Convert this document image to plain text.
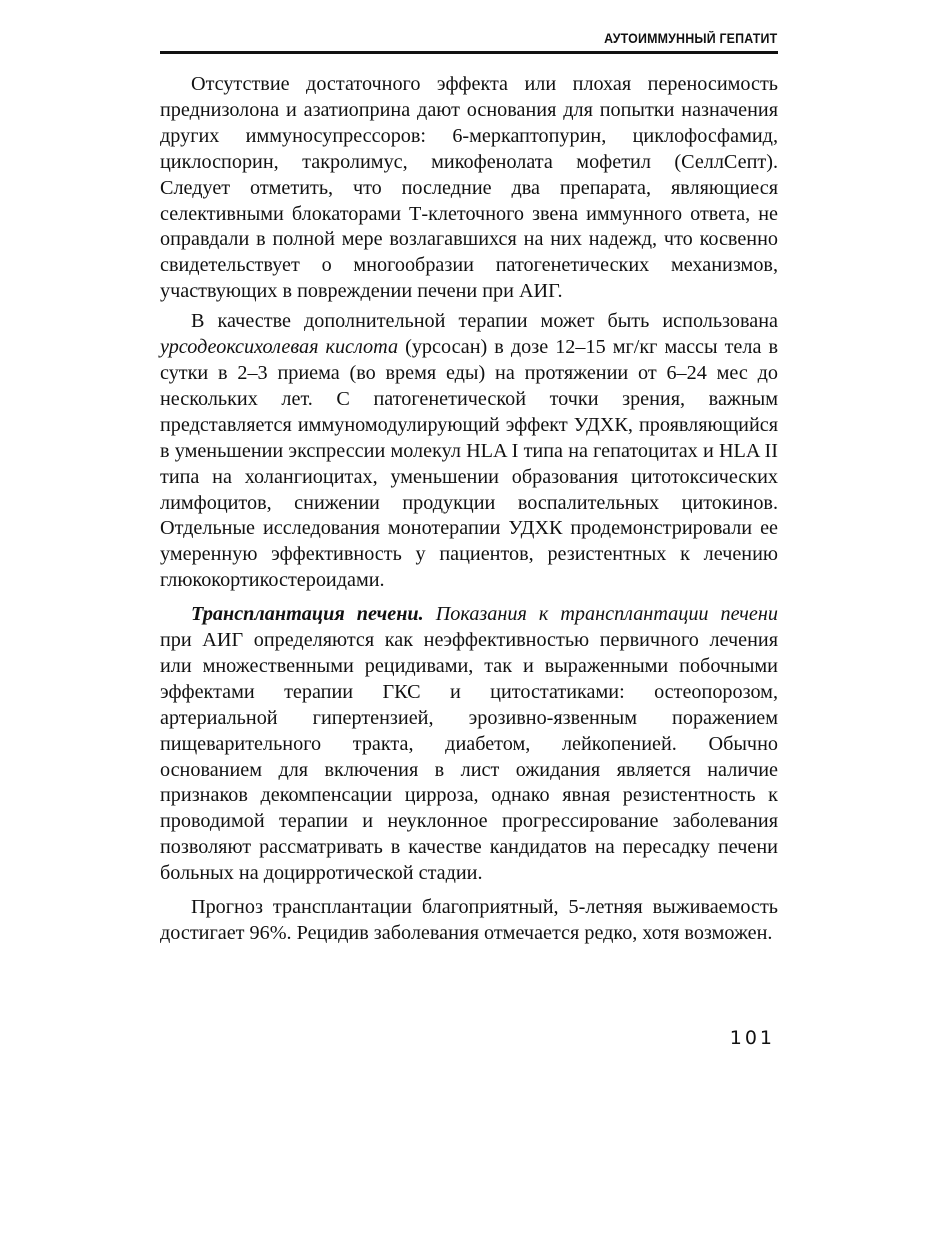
АУТОИММУННЫЙ ГЕПАТИТ

Отсутствие достаточного эффекта или плохая переносимость преднизолона и азатиоприна дают основания для попытки назначения других иммуносупрессоров: 6-меркаптопурин, циклофосфамид, циклоспорин, такролимус, микофенолата мофетил (СеллСепт). Следует отметить, что последние два препарата, являющиеся селективными блокаторами Т-клеточного звена иммунного ответа, не оправдали в полной мере возлагавшихся на них надежд, что косвенно свидетельствует о многообразии патогенетических механизмов, участвующих в повреждении печени при АИГ.

В качестве дополнительной терапии может быть использована урсодеоксихолевая кислота (урсосан) в дозе 12–15 мг/кг массы тела в сутки в 2–3 приема (во время еды) на протяжении от 6–24 мес до нескольких лет. С патогенетической точки зрения, важным представляется иммуномодулирующий эффект УДХК, проявляющийся в уменьшении экспрессии молекул HLA I типа на гепатоцитах и HLA II типа на холангиоцитах, уменьшении образования цитотоксических лимфоцитов, снижении продукции воспалительных цитокинов. Отдельные исследования монотерапии УДХК продемонстрировали ее умеренную эффективность у пациентов, резистентных к лечению глюкокортикостероидами.

Трансплантация печени. Показания к трансплантации печени при АИГ определяются как неэффективностью первичного лечения или множественными рецидивами, так и выраженными побочными эффектами терапии ГКС и цитостатиками: остеопорозом, артериальной гипертензией, эрозивно-язвенным поражением пищеварительного тракта, диабетом, лейкопенией. Обычно основанием для включения в лист ожидания является наличие признаков декомпенсации цирроза, однако явная резистентность к проводимой терапии и неуклонное прогрессирование заболевания позволяют рассматривать в качестве кандидатов на пересадку печени больных на доцирротической стадии.

Прогноз трансплантации благоприятный, 5-летняя выживаемость достигает 96%. Рецидив заболевания отмечается редко, хотя возможен.

101
